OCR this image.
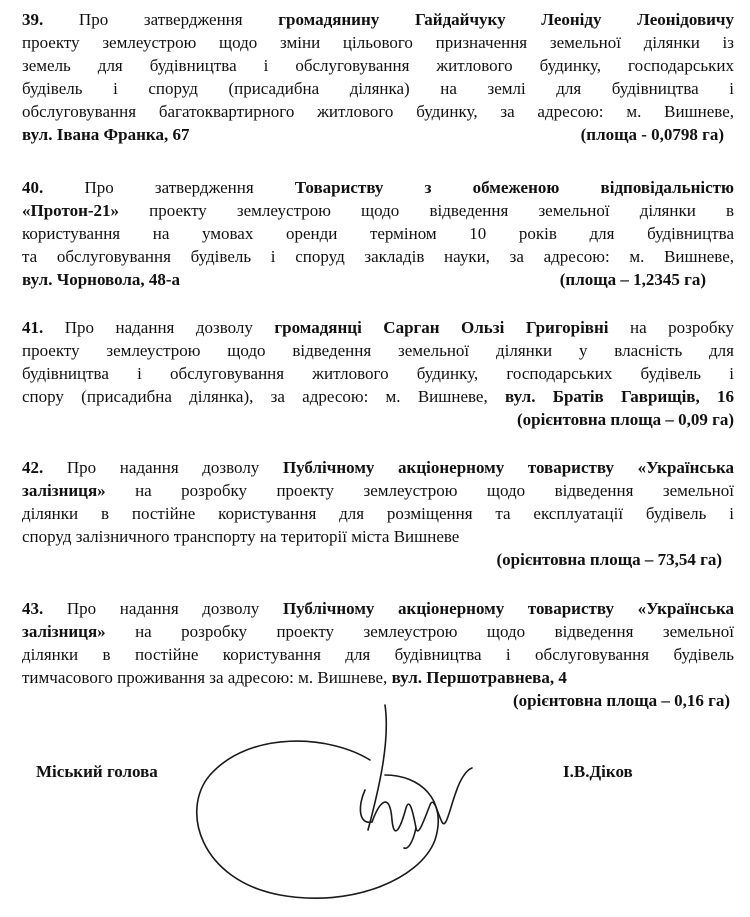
39. Про затвердження громадянину Гайдайчуку Леоніду Леонідовичу
проекту землеустрою щодо зміни цільового призначення земельної ділянки із
земель для будівництва і обслуговування житлового будинку, господарських
будівель і споруд (присадибна ділянка) на землі для будівництва і
обслуговування багатоквартирного житлового будинку, за адресою: м. Вишневе,
вул. Івана Франка, 67	(площа - 0,0798 га)
40. Про затвердження Товариству з обмеженою відповідальністю
«Протон-21» проекту землеустрою щодо відведення земельної ділянки в
користування на умовах оренди терміном 10 років для будівництва
та обслуговування будівель і споруд закладів науки, за адресою: м. Вишневе,
вул. Чорновола, 48-а	(площа – 1,2345 га)
41. Про надання дозволу громадянці Сарган Ользі Григорівні на розробку
проекту землеустрою щодо відведення земельної ділянки у власність для
будівництва і обслуговування житлового будинку, господарських будівель і
спору (присадибна ділянка), за адресою: м. Вишневе, вул. Братів Гаврищів, 16
(орієнтовна площа – 0,09 га)
42. Про надання дозволу Публічному акціонерному товариству «Українська
залізниця» на розробку проекту землеустрою щодо відведення земельної
ділянки в постійне користування для розміщення та експлуатації будівель і
споруд залізничного транспорту на території міста Вишневе
(орієнтовна площа – 73,54 га)
43. Про надання дозволу Публічному акціонерному товариству «Українська
залізниця» на розробку проекту землеустрою щодо відведення земельної
ділянки в постійне користування для будівництва і обслуговування будівель
тимчасового проживання за адресою: м. Вишневе, вул. Першотравнева, 4
(орієнтовна площа – 0,16 га)
Міський голова	І.В.Діков
